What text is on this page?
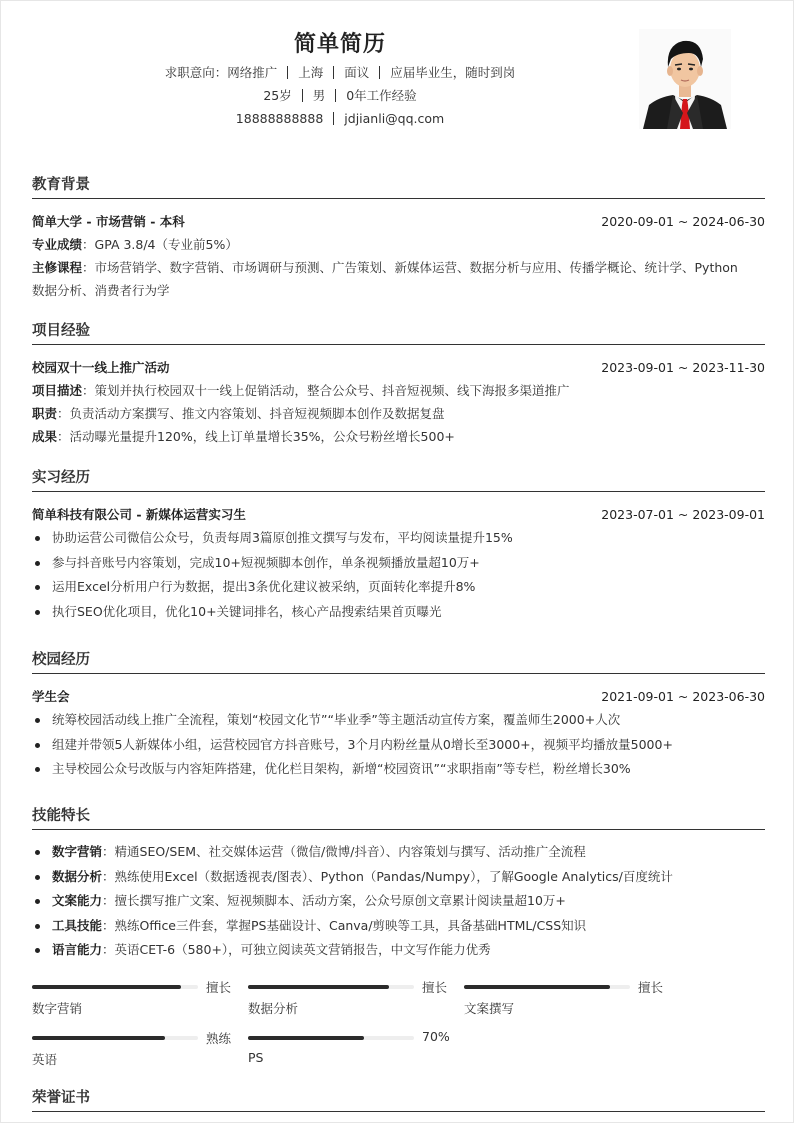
简单简历
求职意向：网络推广 上海 面议 应届毕业生，随时到岗
25岁 男 0年工作经验
18888888888 jdjianli@qq.com
教育背景
简单大学 - 市场营销 - 本科	2020-09-01 ~ 2024-06-30
专业成绩：GPA 3.8/4（专业前5%）
主修课程：市场营销学、数字营销、市场调研与预测、广告策划、新媒体运营、数据分析与应用、传播学概论、统计学、Python
数据分析、消费者行为学
项目经验
校园双十一线上推广活动	2023-09-01 ~ 2023-11-30
项目描述：策划并执行校园双十一线上促销活动，整合公众号、抖音短视频、线下海报多渠道推广
职责：负责活动方案撰写、推文内容策划、抖音短视频脚本创作及数据复盘
成果：活动曝光量提升120%，线上订单量增长35%，公众号粉丝增长500+
实习经历
简单科技有限公司 - 新媒体运营实习生	2023-07-01 ~ 2023-09-01
协助运营公司微信公众号，负责每周3篇原创推文撰写与发布，平均阅读量提升15%
参与抖音账号内容策划，完成10+短视频脚本创作，单条视频播放量超10万+
运用Excel分析用户行为数据，提出3条优化建议被采纳，页面转化率提升8%
执行SEO优化项目，优化10+关键词排名，核心产品搜索结果首页曝光
校园经历
学生会	2021-09-01 ~ 2023-06-30
统筹校园活动线上推广全流程，策划“校园文化节”“毕业季”等主题活动宣传方案，覆盖师生2000+人次
组建并带领5人新媒体小组，运营校园官方抖音账号，3个月内粉丝量从0增长至3000+，视频平均播放量5000+
主导校园公众号改版与内容矩阵搭建，优化栏目架构，新增“校园资讯”“求职指南”等专栏，粉丝增长30%
技能特长
数字营销：精通SEO/SEM、社交媒体运营（微信/微博/抖音）、内容策划与撰写、活动推广全流程
数据分析：熟练使用Excel（数据透视表/图表）、Python（Pandas/Numpy），了解Google Analytics/百度统计
文案能力：擅长撰写推广文案、短视频脚本、活动方案，公众号原创文章累计阅读量超10万+
工具技能：熟练Office三件套，掌握PS基础设计、Canva/剪映等工具，具备基础HTML/CSS知识
语言能力：英语CET-6（580+），可独立阅读英文营销报告，中文写作能力优秀
擅长
数字营销
擅长
数据分析
擅长
文案撰写
熟练
英语
70%
PS
荣誉证书
